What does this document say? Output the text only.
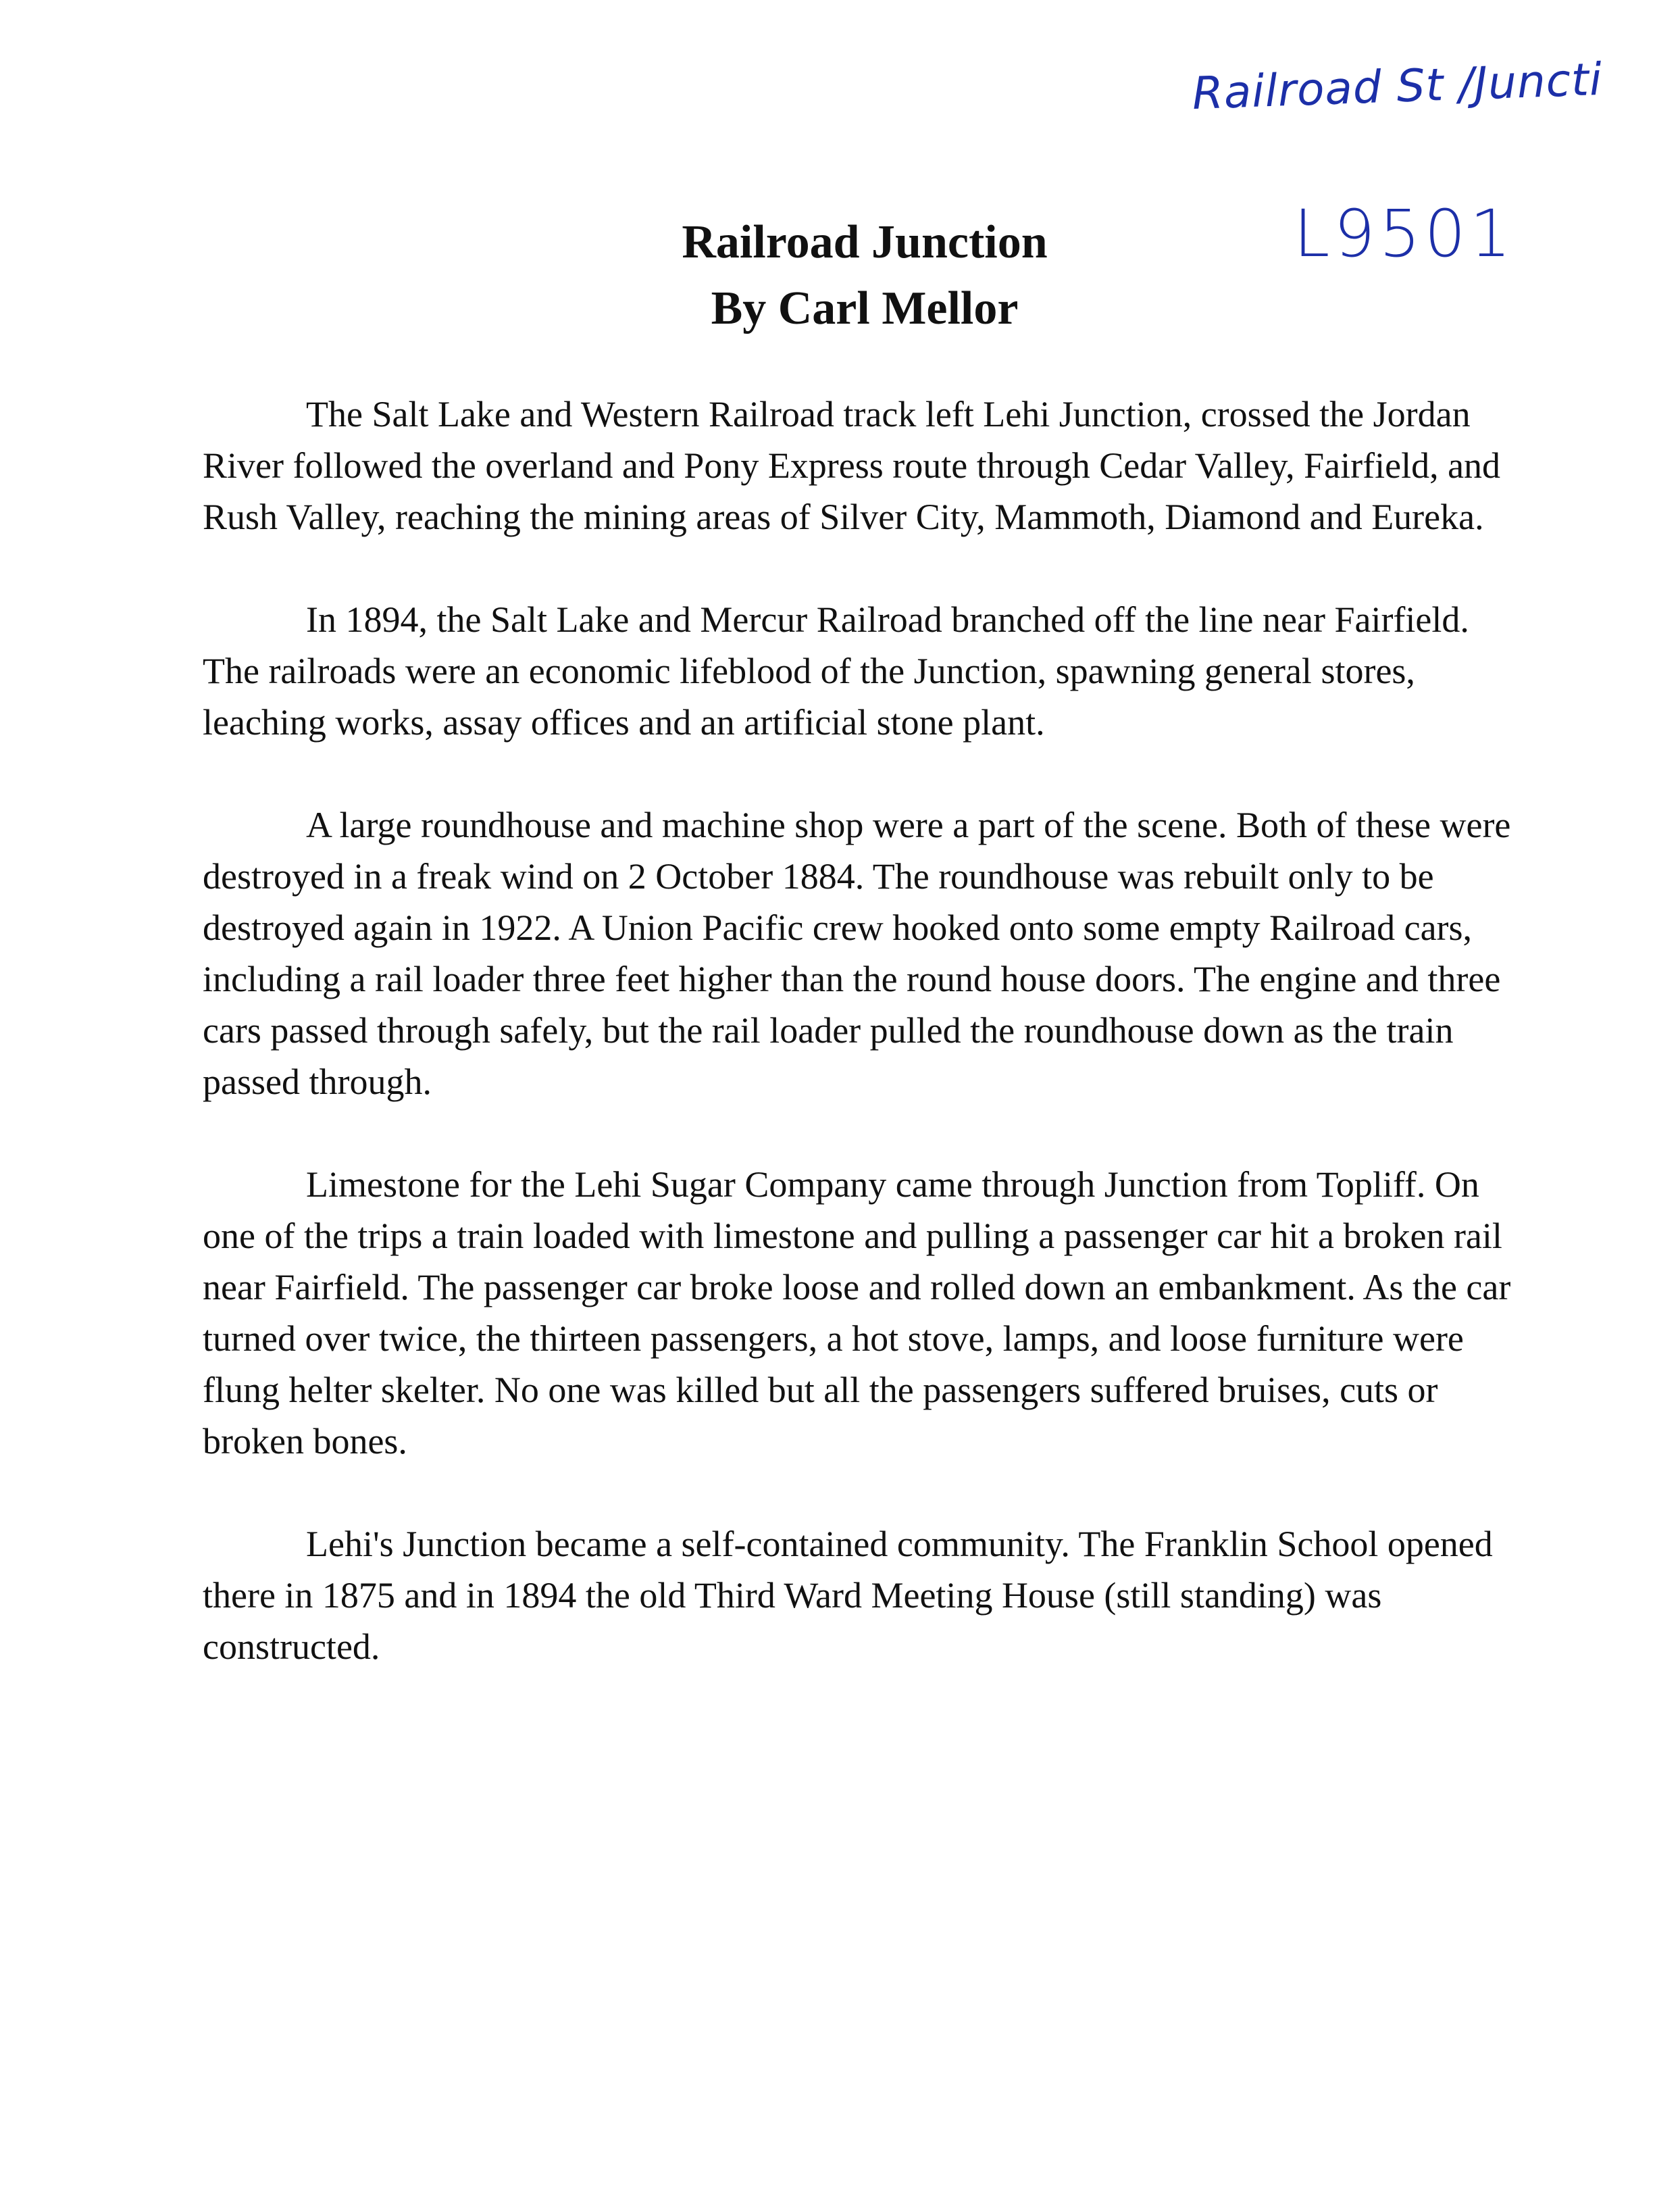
Railroad St /Juncti
L9501
Railroad Junction
By Carl Mellor

The Salt Lake and Western Railroad track left Lehi Junction, crossed the Jordan River followed the overland and Pony Express route through Cedar Valley, Fairfield, and Rush Valley, reaching the mining areas of Silver City, Mammoth, Diamond and Eureka.

In 1894, the Salt Lake and Mercur Railroad branched off the line near Fairfield. The railroads were an economic lifeblood of the Junction, spawning general stores, leaching works, assay offices and an artificial stone plant.

A large roundhouse and machine shop were a part of the scene. Both of these were destroyed in a freak wind on 2 October 1884. The roundhouse was rebuilt only to be destroyed again in 1922. A Union Pacific crew hooked onto some empty Railroad cars, including a rail loader three feet higher than the round house doors. The engine and three cars passed through safely, but the rail loader pulled the roundhouse down as the train passed through.

Limestone for the Lehi Sugar Company came through Junction from Topliff. On one of the trips a train loaded with limestone and pulling a passenger car hit a broken rail near Fairfield. The passenger car broke loose and rolled down an embankment. As the car turned over twice, the thirteen passengers, a hot stove, lamps, and loose furniture were flung helter skelter. No one was killed but all the passengers suffered bruises, cuts or broken bones.

Lehi's Junction became a self-contained community. The Franklin School opened there in 1875 and in 1894 the old Third Ward Meeting House (still standing) was constructed.
